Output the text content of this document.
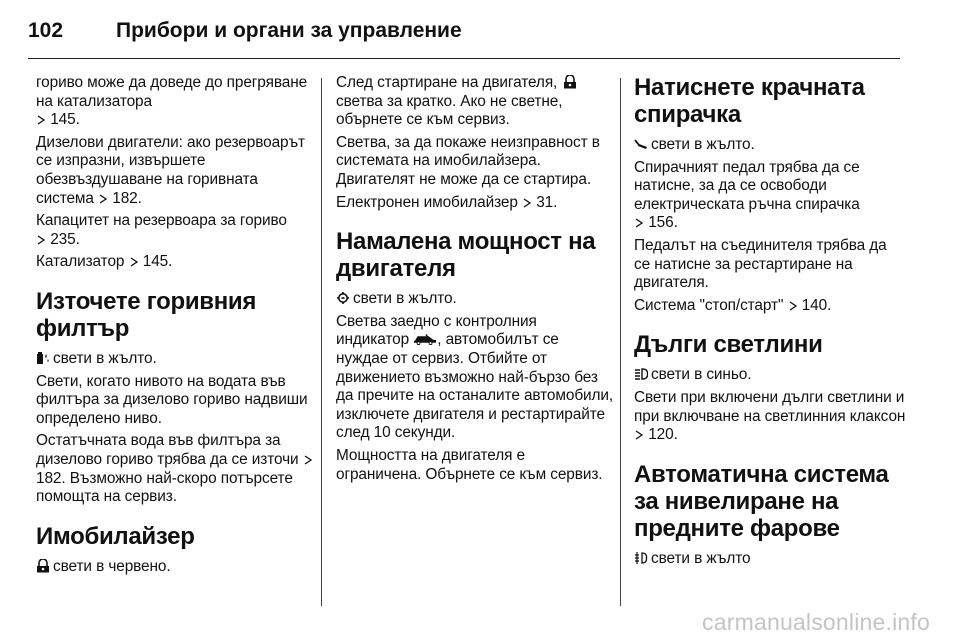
102	Прибори и органи за управление

гориво може да доведе до прегряване на катализатора
145.

Дизелови двигатели: ако резервоарът се изпразни, извършете обезвъздушаване на горивната система 182.

Капацитет на резервоара за гориво
235.

Катализатор 145.

Източете горивния филтър

свети в жълто.

Свети, когато нивото на водата във филтъра за дизелово гориво надвиши определено ниво.

Остатъчната вода във филтъра за дизелово гориво трябва да се източи  182. Възможно най-скоро потърсете помощта на сервиз.

Имобилайзер

свети в червено.

След стартиране на двигателя,
светва за кратко. Ако не светне, обърнете се към сервиз.

Светва, за да покаже неизправност в системата на имобилайзера. Двигателят не може да се стартира.

Електронен имобилайзер 31.

Намалена мощност на двигателя

свети в жълто.

Светва заедно с контролния индикатор , автомобилът се нуждае от сервиз. Отбийте от движението възможно най-бързо без да пречите на останалите автомобили, изключете двигателя и рестартирайте след 10 секунди.

Мощността на двигателя е ограничена. Обърнете се към сервиз.

Натиснете крачната спирачка

свети в жълто.

Спирачният педал трябва да се натисне, за да се освободи електрическата ръчна спирачка
156.

Педалът на съединителя трябва да се натисне за рестартиране на двигателя.

Система "стоп/старт" 140.

Дълги светлини

свети в синьо.

Свети при включени дълги светлини и при включване на светлинния клаксон  120.

Автоматична система за нивелиране на предните фарове

свети в жълто

carmanualsonline.info
